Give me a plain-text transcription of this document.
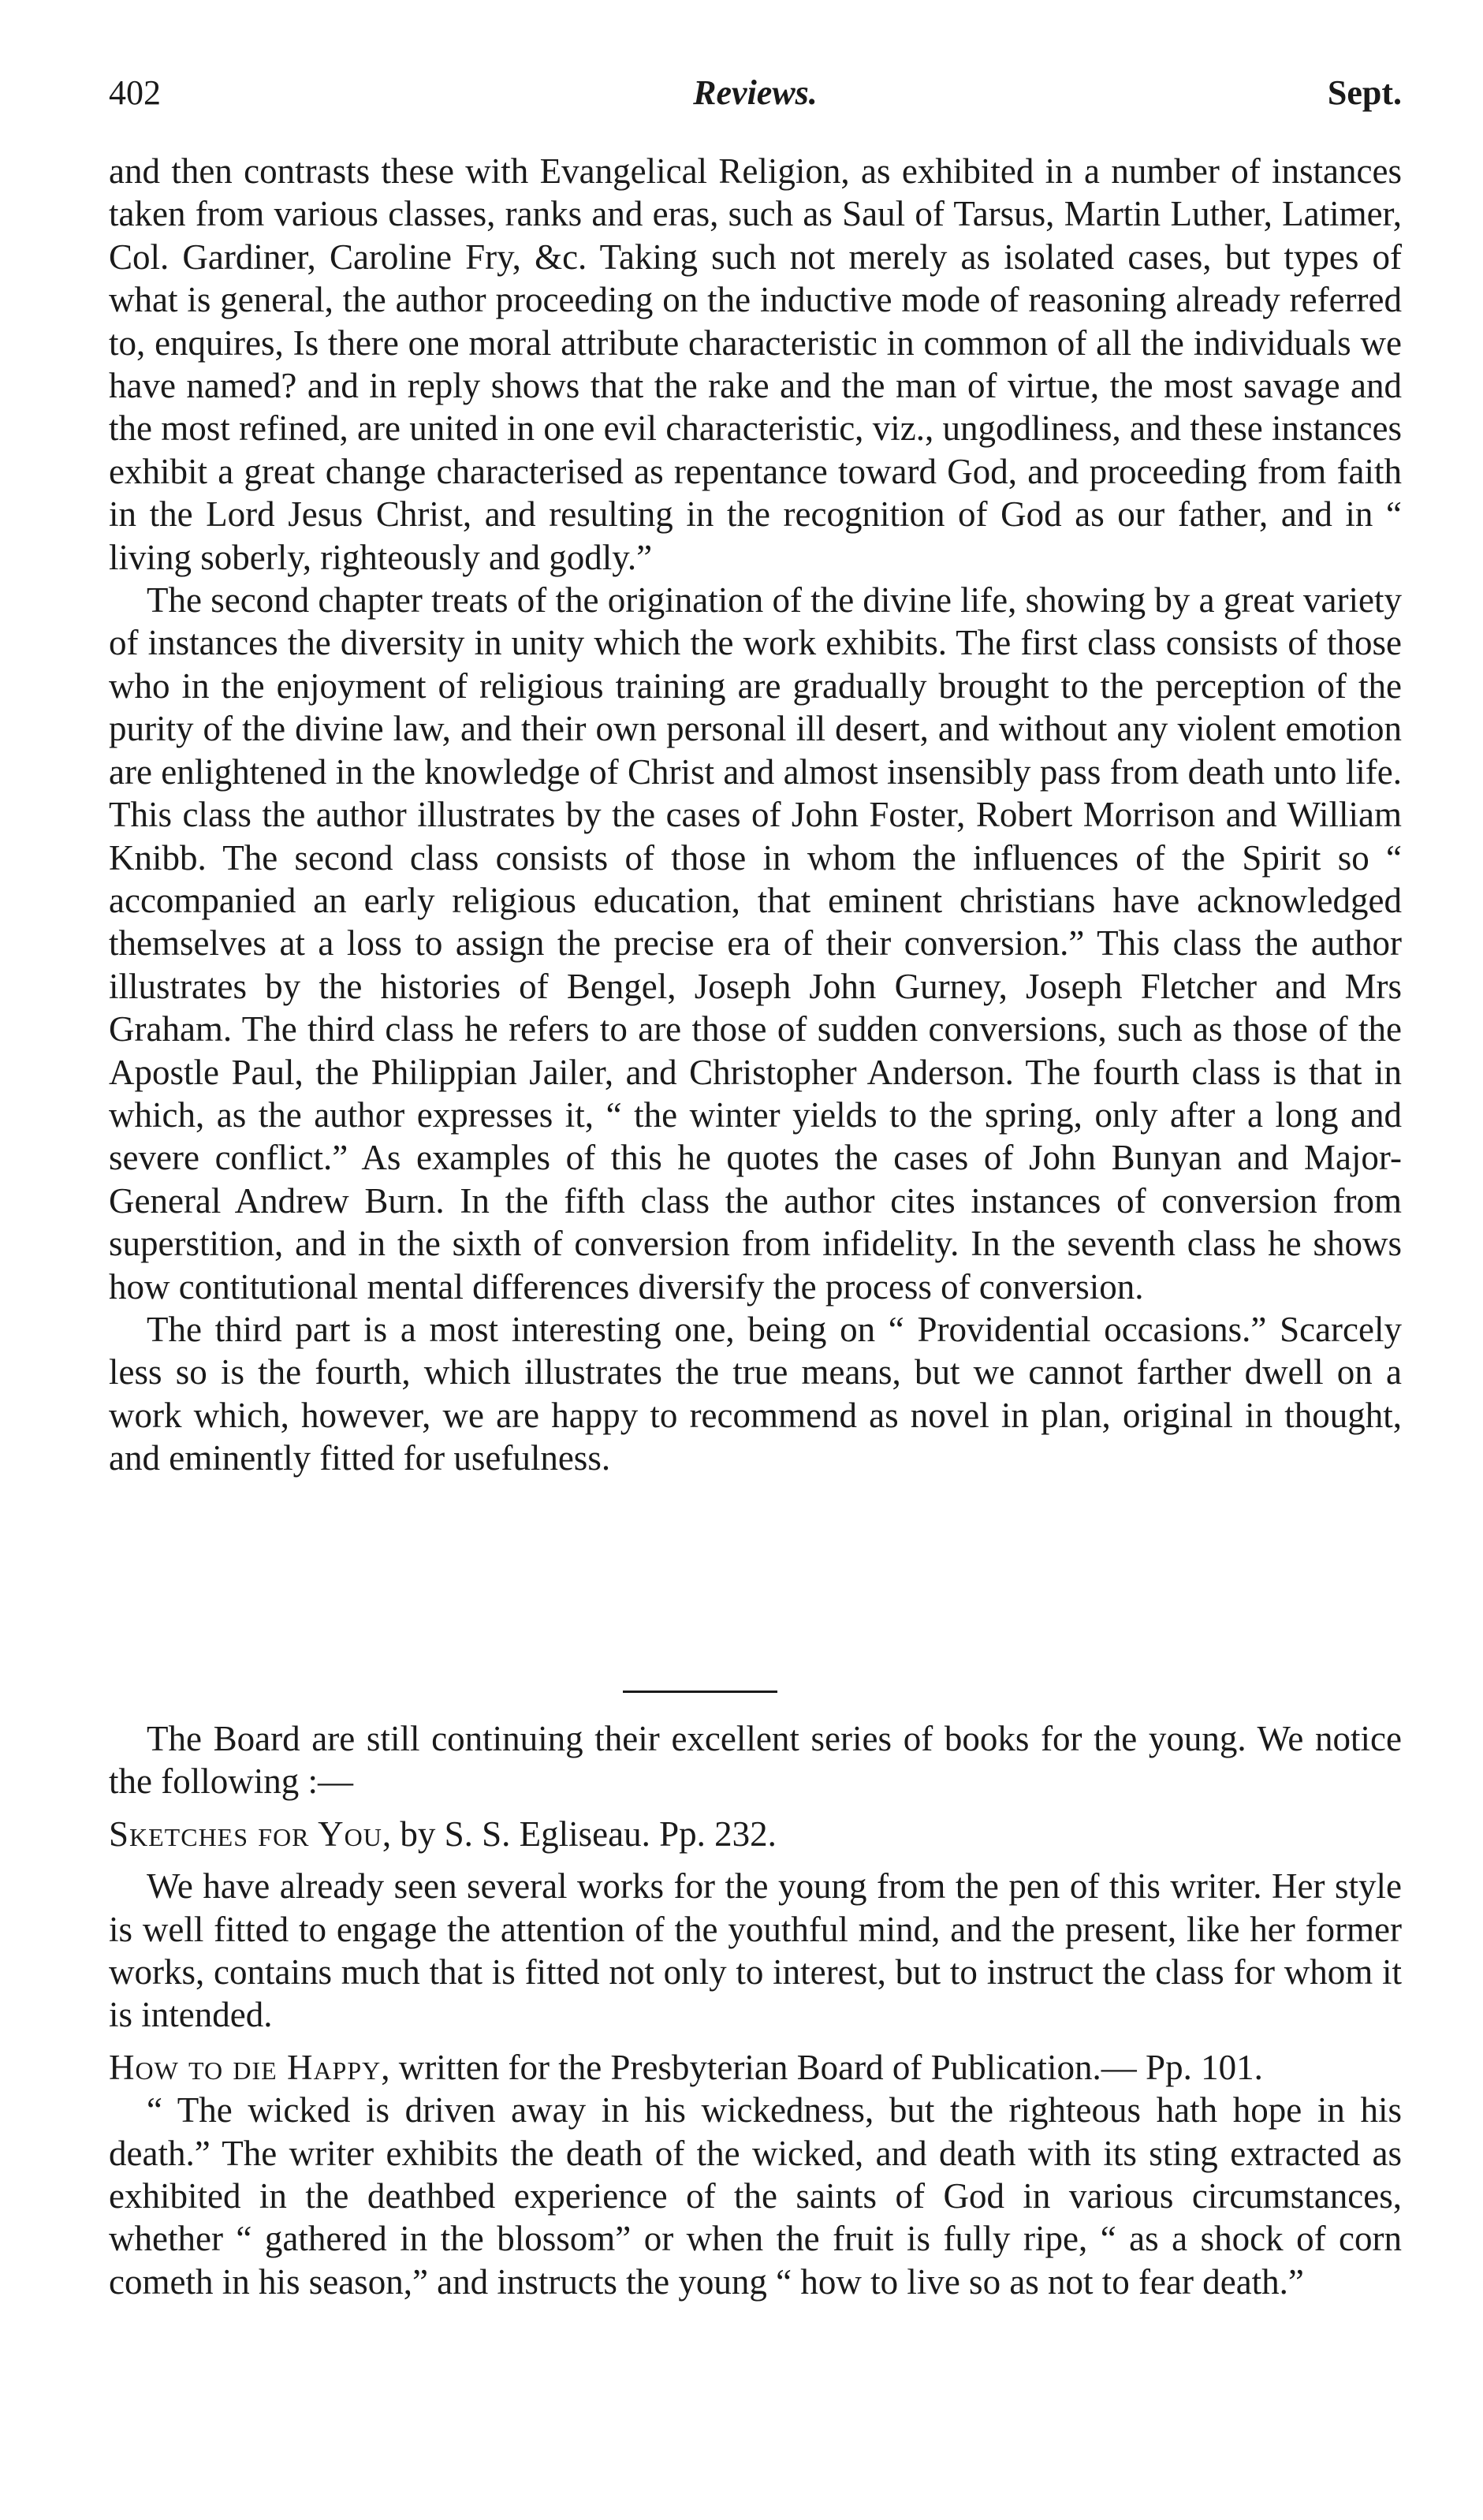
402	Reviews.	Sept.

and then contrasts these with Evangelical Religion, as exhibited in a number of instances taken from various classes, ranks and eras, such as Saul of Tarsus, Martin Luther, Latimer, Col. Gardiner, Caroline Fry, &c. Taking such not merely as isolated cases, but types of what is general, the author proceeding on the inductive mode of reasoning already referred to, enquires, Is there one moral attribute characteristic in common of all the individuals we have named? and in reply shows that the rake and the man of virtue, the most savage and the most refined, are united in one evil characteristic, viz., ungodliness, and these instances exhibit a great change characterised as repentance toward God, and proceeding from faith in the Lord Jesus Christ, and resulting in the recognition of God as our father, and in “ living soberly, righteously and godly.”

The second chapter treats of the origination of the divine life, showing by a great variety of instances the diversity in unity which the work exhibits. The first class consists of those who in the enjoyment of religious training are gradually brought to the perception of the purity of the divine law, and their own personal ill desert, and without any violent emotion are enlightened in the knowledge of Christ and almost insensibly pass from death unto life. This class the author illustrates by the cases of John Foster, Robert Morrison and William Knibb. The second class consists of those in whom the influences of the Spirit so “ accompanied an early religious education, that eminent christians have acknowledged themselves at a loss to assign the precise era of their conversion.” This class the author illustrates by the histories of Bengel, Joseph John Gurney, Joseph Fletcher and Mrs Graham. The third class he refers to are those of sudden conversions, such as those of the Apostle Paul, the Philippian Jailer, and Christopher Anderson. The fourth class is that in which, as the author expresses it, “ the winter yields to the spring, only after a long and severe conflict.” As examples of this he quotes the cases of John Bunyan and Major-General Andrew Burn. In the fifth class the author cites instances of conversion from superstition, and in the sixth of conversion from infidelity. In the seventh class he shows how contitutional mental differences diversify the process of conversion.

The third part is a most interesting one, being on “ Providential occasions.” Scarcely less so is the fourth, which illustrates the true means, but we cannot farther dwell on a work which, however, we are happy to recommend as novel in plan, original in thought, and eminently fitted for usefulness.

The Board are still continuing their excellent series of books for the young. We notice the following :—

Sketches for You, by S. S. Egliseau. Pp. 232.

We have already seen several works for the young from the pen of this writer. Her style is well fitted to engage the attention of the youthful mind, and the present, like her former works, contains much that is fitted not only to interest, but to instruct the class for whom it is intended.

How to die Happy, written for the Presbyterian Board of Publication.— Pp. 101.

“ The wicked is driven away in his wickedness, but the righteous hath hope in his death.” The writer exhibits the death of the wicked, and death with its sting extracted as exhibited in the deathbed experience of the saints of God in various circumstances, whether “ gathered in the blossom” or when the fruit is fully ripe, “ as a shock of corn cometh in his season,” and instructs the young “ how to live so as not to fear death.”
